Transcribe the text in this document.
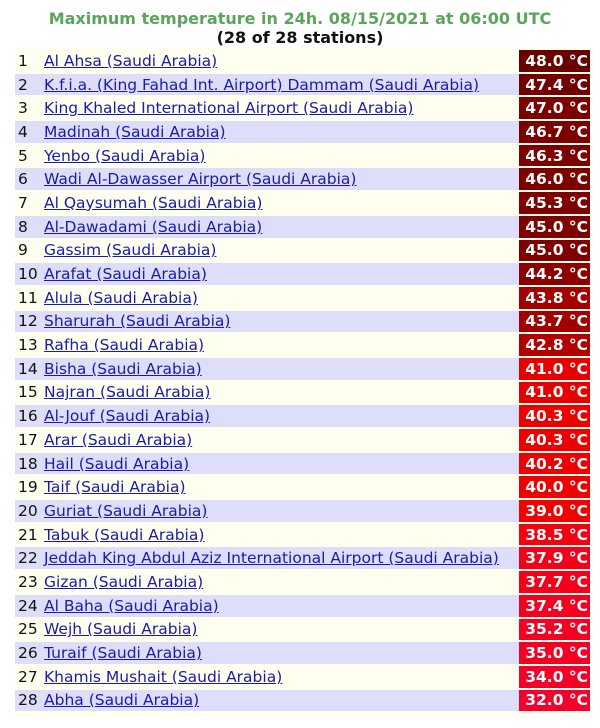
Maximum temperature in 24h. 08/15/2021 at 06:00 UTC
(28 of 28 stations)
1	Al Ahsa (Saudi Arabia)	48.0 °C
2	K.f.i.a. (King Fahad Int. Airport) Dammam (Saudi Arabia)	47.4 °C
3	King Khaled International Airport (Saudi Arabia)	47.0 °C
4	Madinah (Saudi Arabia)	46.7 °C
5	Yenbo (Saudi Arabia)	46.3 °C
6	Wadi Al-Dawasser Airport (Saudi Arabia)	46.0 °C
7	Al Qaysumah (Saudi Arabia)	45.3 °C
8	Al-Dawadami (Saudi Arabia)	45.0 °C
9	Gassim (Saudi Arabia)	45.0 °C
10	Arafat (Saudi Arabia)	44.2 °C
11	Alula (Saudi Arabia)	43.8 °C
12	Sharurah (Saudi Arabia)	43.7 °C
13	Rafha (Saudi Arabia)	42.8 °C
14	Bisha (Saudi Arabia)	41.0 °C
15	Najran (Saudi Arabia)	41.0 °C
16	Al-Jouf (Saudi Arabia)	40.3 °C
17	Arar (Saudi Arabia)	40.3 °C
18	Hail (Saudi Arabia)	40.2 °C
19	Taif (Saudi Arabia)	40.0 °C
20	Guriat (Saudi Arabia)	39.0 °C
21	Tabuk (Saudi Arabia)	38.5 °C
22	Jeddah King Abdul Aziz International Airport (Saudi Arabia)	37.9 °C
23	Gizan (Saudi Arabia)	37.7 °C
24	Al Baha (Saudi Arabia)	37.4 °C
25	Wejh (Saudi Arabia)	35.2 °C
26	Turaif (Saudi Arabia)	35.0 °C
27	Khamis Mushait (Saudi Arabia)	34.0 °C
28	Abha (Saudi Arabia)	32.0 °C
